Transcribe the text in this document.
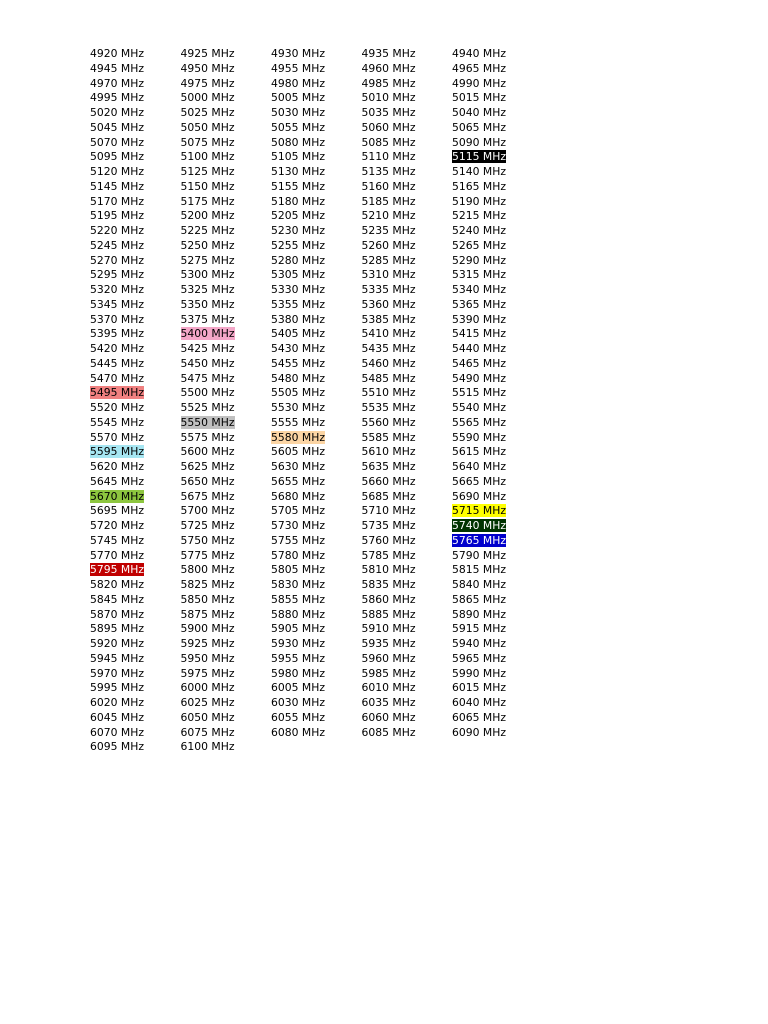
4920 MHz	4925 MHz	4930 MHz	4935 MHz	4940 MHz
4945 MHz	4950 MHz	4955 MHz	4960 MHz	4965 MHz
4970 MHz	4975 MHz	4980 MHz	4985 MHz	4990 MHz
4995 MHz	5000 MHz	5005 MHz	5010 MHz	5015 MHz
5020 MHz	5025 MHz	5030 MHz	5035 MHz	5040 MHz
5045 MHz	5050 MHz	5055 MHz	5060 MHz	5065 MHz
5070 MHz	5075 MHz	5080 MHz	5085 MHz	5090 MHz
5095 MHz	5100 MHz	5105 MHz	5110 MHz	5115 MHz
5120 MHz	5125 MHz	5130 MHz	5135 MHz	5140 MHz
5145 MHz	5150 MHz	5155 MHz	5160 MHz	5165 MHz
5170 MHz	5175 MHz	5180 MHz	5185 MHz	5190 MHz
5195 MHz	5200 MHz	5205 MHz	5210 MHz	5215 MHz
5220 MHz	5225 MHz	5230 MHz	5235 MHz	5240 MHz
5245 MHz	5250 MHz	5255 MHz	5260 MHz	5265 MHz
5270 MHz	5275 MHz	5280 MHz	5285 MHz	5290 MHz
5295 MHz	5300 MHz	5305 MHz	5310 MHz	5315 MHz
5320 MHz	5325 MHz	5330 MHz	5335 MHz	5340 MHz
5345 MHz	5350 MHz	5355 MHz	5360 MHz	5365 MHz
5370 MHz	5375 MHz	5380 MHz	5385 MHz	5390 MHz
5395 MHz	5400 MHz	5405 MHz	5410 MHz	5415 MHz
5420 MHz	5425 MHz	5430 MHz	5435 MHz	5440 MHz
5445 MHz	5450 MHz	5455 MHz	5460 MHz	5465 MHz
5470 MHz	5475 MHz	5480 MHz	5485 MHz	5490 MHz
5495 MHz	5500 MHz	5505 MHz	5510 MHz	5515 MHz
5520 MHz	5525 MHz	5530 MHz	5535 MHz	5540 MHz
5545 MHz	5550 MHz	5555 MHz	5560 MHz	5565 MHz
5570 MHz	5575 MHz	5580 MHz	5585 MHz	5590 MHz
5595 MHz	5600 MHz	5605 MHz	5610 MHz	5615 MHz
5620 MHz	5625 MHz	5630 MHz	5635 MHz	5640 MHz
5645 MHz	5650 MHz	5655 MHz	5660 MHz	5665 MHz
5670 MHz	5675 MHz	5680 MHz	5685 MHz	5690 MHz
5695 MHz	5700 MHz	5705 MHz	5710 MHz	5715 MHz
5720 MHz	5725 MHz	5730 MHz	5735 MHz	5740 MHz
5745 MHz	5750 MHz	5755 MHz	5760 MHz	5765 MHz
5770 MHz	5775 MHz	5780 MHz	5785 MHz	5790 MHz
5795 MHz	5800 MHz	5805 MHz	5810 MHz	5815 MHz
5820 MHz	5825 MHz	5830 MHz	5835 MHz	5840 MHz
5845 MHz	5850 MHz	5855 MHz	5860 MHz	5865 MHz
5870 MHz	5875 MHz	5880 MHz	5885 MHz	5890 MHz
5895 MHz	5900 MHz	5905 MHz	5910 MHz	5915 MHz
5920 MHz	5925 MHz	5930 MHz	5935 MHz	5940 MHz
5945 MHz	5950 MHz	5955 MHz	5960 MHz	5965 MHz
5970 MHz	5975 MHz	5980 MHz	5985 MHz	5990 MHz
5995 MHz	6000 MHz	6005 MHz	6010 MHz	6015 MHz
6020 MHz	6025 MHz	6030 MHz	6035 MHz	6040 MHz
6045 MHz	6050 MHz	6055 MHz	6060 MHz	6065 MHz
6070 MHz	6075 MHz	6080 MHz	6085 MHz	6090 MHz
6095 MHz	6100 MHz
